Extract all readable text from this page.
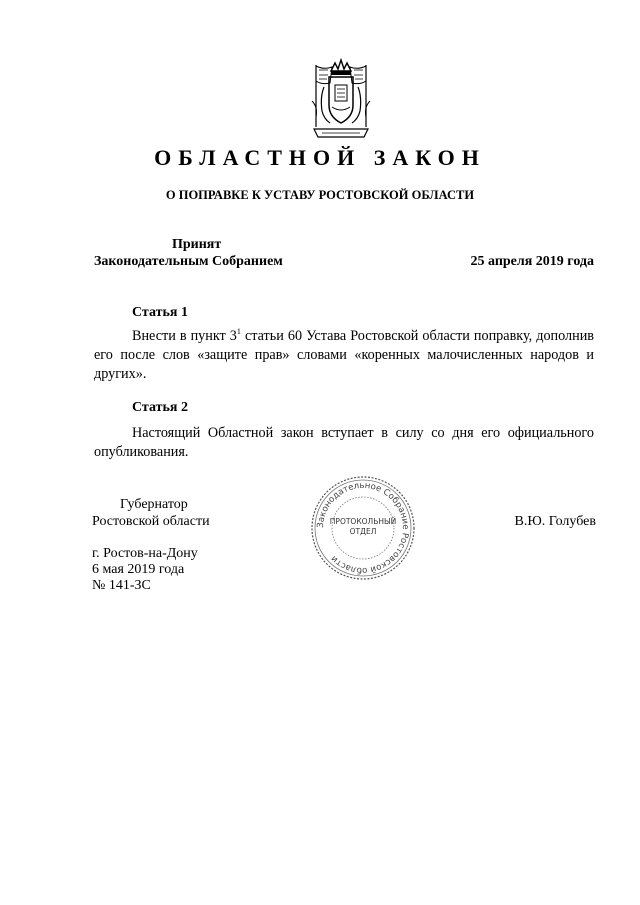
ОБЛАСТНОЙ ЗАКОН
О ПОПРАВКЕ К УСТАВУ РОСТОВСКОЙ ОБЛАСТИ
Принят
Законодательным Собранием	25 апреля 2019 года
Статья 1
Внести в пункт $3^1$ статьи 60 Устава Ростовской области поправку, дополнив его после слов «защите прав» словами «коренных малочисленных народов и других».
Статья 2
Настоящий Областной закон вступает в силу со дня его официального опубликования.
Губернатор
Ростовской области	В.Ю. Голубев
Законодательное Собрание Ростовской области
ПРОТОКОЛЬНЫЙ
ОТДЕЛ
г. Ростов-на-Дону
6 мая 2019 года
№ 141-ЗС
